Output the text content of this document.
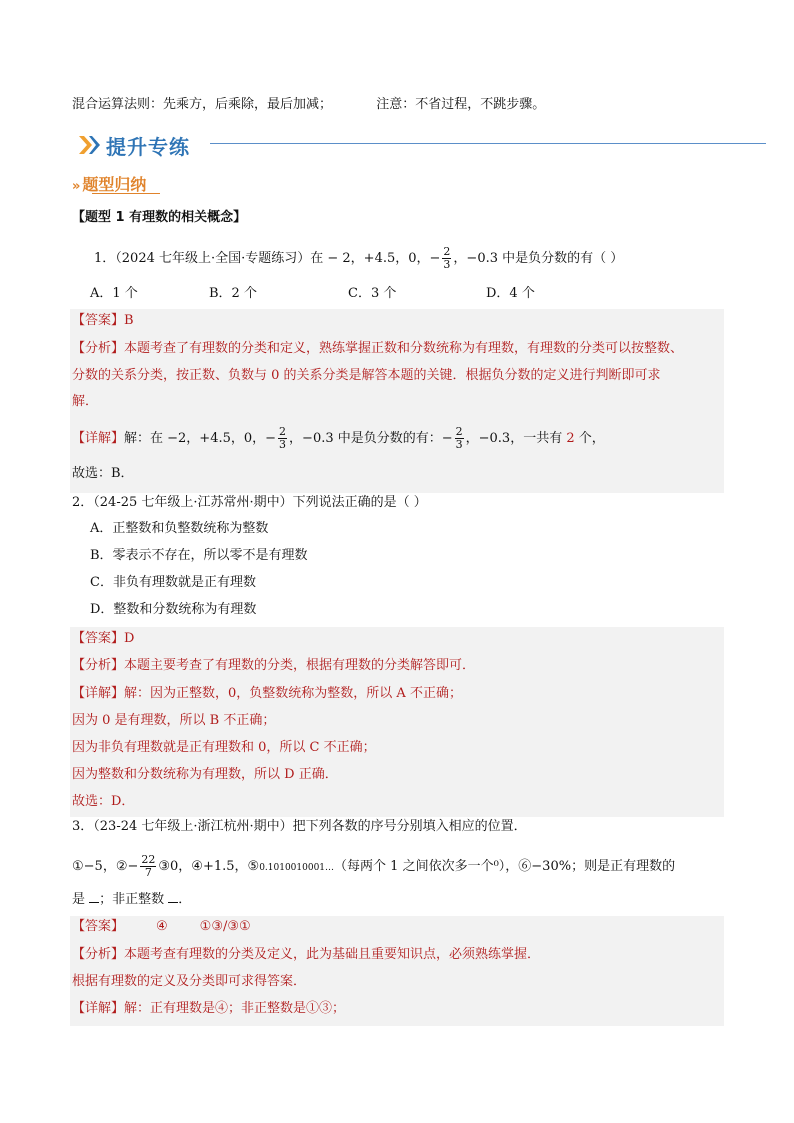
混合运算法则：先乘方，后乘除，最后加减；	注意：不省过程，不跳步骤。
提升专练
» 题型归纳
【题型 1 有理数的相关概念】
1．（2024 七年级上·全国·专题练习）在 − 2，+4.5，0，− $\frac{2}{3}$ ，−0.3 中是负分数的有（ ）
A．1 个	B．2 个	C．3 个	D．4 个
【答案】B
【分析】本题考查了有理数的分类和定义，熟练掌握正数和分数统称为有理数，有理数的分类可以按整数、
分数的关系分类，按正数、负数与 0 的关系分类是解答本题的关键．根据负分数的定义进行判断即可求
解．
【详解】解：在 −2，+4.5，0，− $\frac{2}{3}$ ，−0.3 中是负分数的有：− $\frac{2}{3}$ ，−0.3，一共有 2 个，
故选：B．
2．（24-25 七年级上·江苏常州·期中）下列说法正确的是（ ）
A．正整数和负整数统称为整数
B．零表示不存在，所以零不是有理数
C．非负有理数就是正有理数
D．整数和分数统称为有理数
【答案】D
【分析】本题主要考查了有理数的分类，根据有理数的分类解答即可．
【详解】解：因为正整数，0，负整数统称为整数，所以 A 不正确；
因为 0 是有理数，所以 B 不正确；
因为非负有理数就是正有理数和 0，所以 C 不正确；
因为整数和分数统称为有理数，所以 D 正确．
故选：D．
3．（23-24 七年级上·浙江杭州·期中）把下列各数的序号分别填入相应的位置．
①−5，②− $\frac{22}{7}$ ③0，④+1.5，⑤0.1010010001…（每两个 1 之间依次多一个⁰），⑥−30%；则是正有理数的
是 ；非正整数 ．
【答案】 ④ ①③/③①
【分析】本题考查有理数的分类及定义，此为基础且重要知识点，必须熟练掌握．
根据有理数的定义及分类即可求得答案．
【详解】解：正有理数是④；非正整数是①③；
